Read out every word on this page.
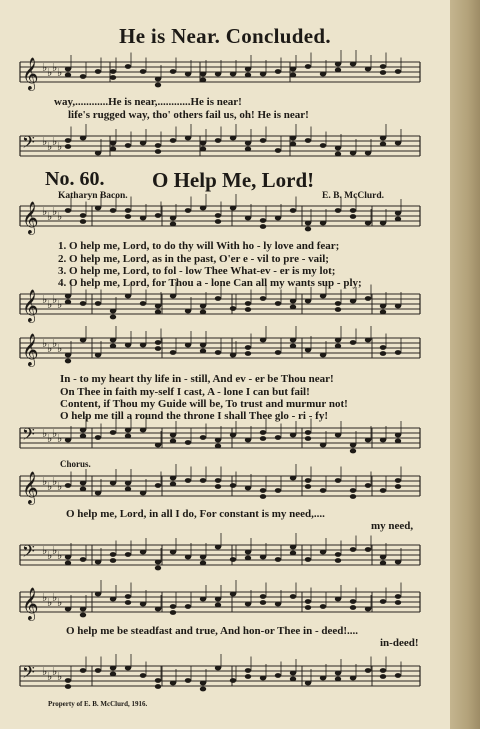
𝄞 ♭ ♭ ♭ ♭
𝄢 ♭ ♭ ♭ ♭
𝄞 ♭ ♭ ♭ ♭
𝄞 ♭ ♭ ♭ ♭
𝄞 ♭ ♭ ♭ ♭
𝄢 ♭ ♭ ♭ ♭
𝄞 ♭ ♭ ♭ ♭
𝄢 ♭ ♭ ♭ ♭
𝄞 ♭ ♭ ♭ ♭
𝄢 ♭ ♭ ♭ ♭
He is Near. Concluded.
way,............He is near,............He is near!
life's rugged way, tho' others fail us, oh! He is near!
No. 60. O Help Me, Lord!
Katharyn Bacon.	E. B. McClurd.
1. O help me, Lord, to do thy will With ho - ly love and fear;
2. O help me, Lord, as in the past, O'er e - vil to pre - vail;
3. O help me, Lord, to fol - low Thee What-ev - er is my lot;
4. O help me, Lord, for Thou a - lone Can all my wants sup - ply;
In - to my heart thy life in - still, And ev - er be Thou near!
On Thee in faith my-self I cast, A - lone I can but fail!
Content, if Thou my Guide will be, To trust and murmur not!
O help me till a round the throne I shall Thee glo - ri - fy!
Chorus.
O help me, Lord, in all I do, For constant is my need,....
my need,
O help me be steadfast and true, And hon-or Thee in - deed!....
in-deed!
Property of E. B. McClurd, 1916.
